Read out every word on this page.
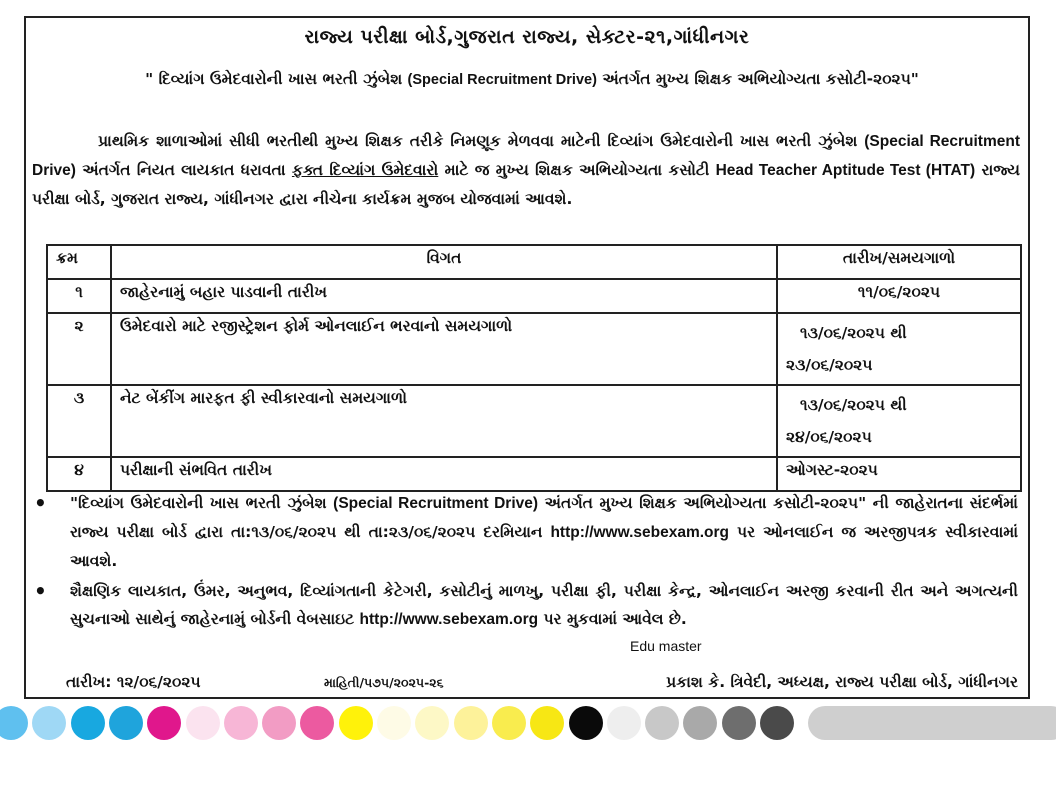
રાજ્ય પરીક્ષા બોર્ડ,ગુજરાત રાજ્ય, સેક્ટર-૨૧,ગાંધીનગર
" દિવ્યાંગ ઉમેદવારોની ખાસ ભરતી ઝુંબેશ (Special Recruitment Drive) અંતર્ગત મુખ્ય શિક્ષક અભિયોગ્યતા કસોટી-૨૦૨૫"
પ્રાથમિક શાળાઓમાં સીધી ભરતીથી મુખ્ય શિક્ષક તરીકે નિમણૂક મેળવવા માટેની દિવ્યાંગ ઉમેદવારોની ખાસ ભરતી ઝુંબેશ (Special Recruitment Drive) અંતર્ગત નિયત લાયકાત ધરાવતા ફક્ત દિવ્યાંગ ઉમેદવારો માટે જ મુખ્ય શિક્ષક અભિયોગ્યતા કસોટી Head Teacher Aptitude Test (HTAT) રાજ્ય પરીક્ષા બોર્ડ, ગુજરાત રાજ્ય, ગાંધીનગર દ્વારા નીચેના કાર્યક્રમ મુજબ યોજવામાં આવશે.
ક્રમ	વિગત	તારીખ/સમયગાળો
૧	જાહેરનામું બહાર પાડવાની તારીખ	૧૧/૦૬/૨૦૨૫
૨	ઉમેદવારો માટે રજીસ્ટ્રેશન ફોર્મ ઓનલાઈન ભરવાનો સમયગાળો	૧૩/૦૬/૨૦૨૫ થી
૨૩/૦૬/૨૦૨૫

૩	નેટ બેંકીંગ મારફત ફી સ્વીકારવાનો સમયગાળો	૧૩/૦૬/૨૦૨૫ થી
૨૪/૦૬/૨૦૨૫

૪	પરીક્ષાની સંભવિત તારીખ	ઓગસ્ટ-૨૦૨૫
• "દિવ્યાંગ ઉમેદવારોની ખાસ ભરતી ઝુંબેશ (Special Recruitment Drive) અંતર્ગત મુખ્ય શિક્ષક અભિયોગ્યતા કસોટી-૨૦૨૫" ની જાહેરાતના સંદર્ભમાં રાજ્ય પરીક્ષા બોર્ડ દ્વારા તા:૧૩/૦૬/૨૦૨૫ થી તા:૨૩/૦૬/૨૦૨૫ દરમિયાન http://www.sebexam.org પર ઓનલાઈન જ અરજીપત્રક સ્વીકારવામાં આવશે.
• શૈક્ષણિક લાયકાત, ઉંમર, અનુભવ, દિવ્યાંગતાની કેટેગરી, કસોટીનું માળખુ, પરીક્ષા ફી, પરીક્ષા કેન્દ્ર, ઓનલાઈન અરજી કરવાની રીત અને અગત્યની સુચનાઓ સાથેનું જાહેરનામું બોર્ડની વેબસાઇટ http://www.sebexam.org પર મુકવામાં આવેલ છે.
તારીખ: ૧૨/૦૬/૨૦૨૫	માહિતી/૫૭૫/૨૦૨૫-૨૬	પ્રકાશ કે. ત્રિવેદી, અધ્યક્ષ, રાજ્ય પરીક્ષા બોર્ડ, ગાંધીનગર
Edu master
